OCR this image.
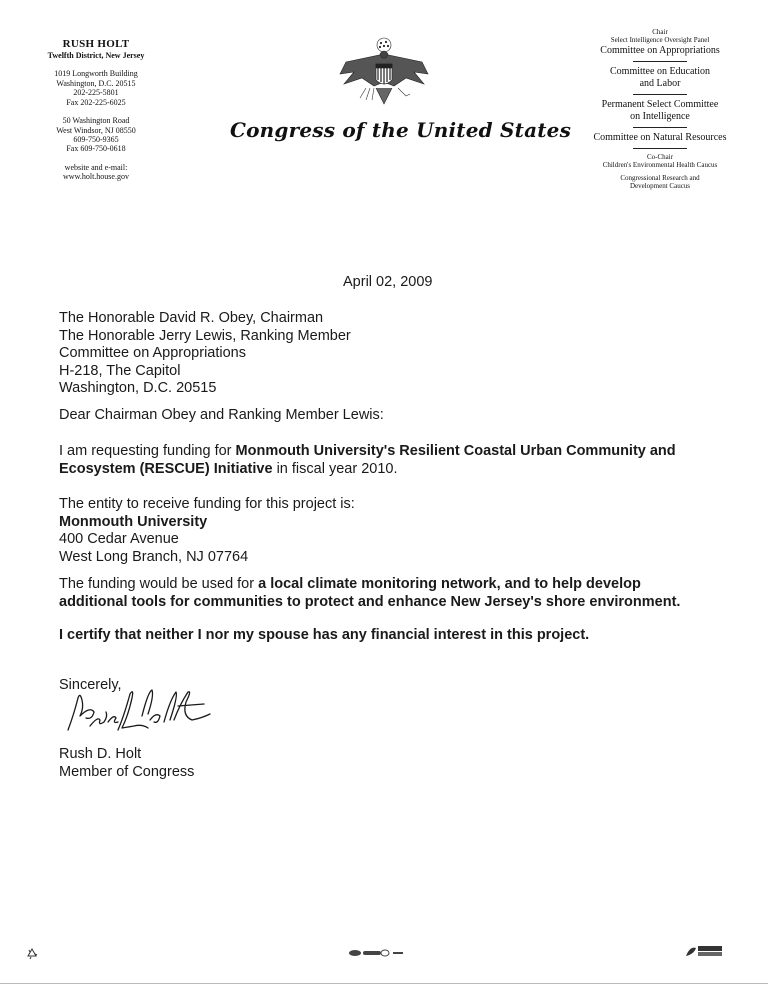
RUSH HOLT
Twelfth District, New Jersey
1019 Longworth Building
Washington, D.C. 20515
202-225-5801
Fax 202-225-6025
50 Washington Road
West Windsor, NJ 08550
609-750-9365
Fax 609-750-0618
website and e-mail:
www.holt.house.gov
Congress of the United States
Chair
Select Intelligence Oversight Panel
Committee on Appropriations
Committee on Education
and Labor
Permanent Select Committee
on Intelligence
Committee on Natural Resources
Co-Chair
Children's Environmental Health Caucus
Congressional Research and
Development Caucus
April 02, 2009
The Honorable David R. Obey, Chairman
The Honorable Jerry Lewis, Ranking Member
Committee on Appropriations
H-218, The Capitol
Washington, D.C. 20515
Dear Chairman Obey and Ranking Member Lewis:
I am requesting funding for Monmouth University's Resilient Coastal Urban Community and
Ecosystem (RESCUE) Initiative in fiscal year 2010.
The entity to receive funding for this project is:
Monmouth University
400 Cedar Avenue
West Long Branch, NJ 07764
The funding would be used for a local climate monitoring network, and to help develop
additional tools for communities to protect and enhance New Jersey's shore environment.
I certify that neither I nor my spouse has any financial interest in this project.
Sincerely,
Rush D. Holt
Member of Congress
